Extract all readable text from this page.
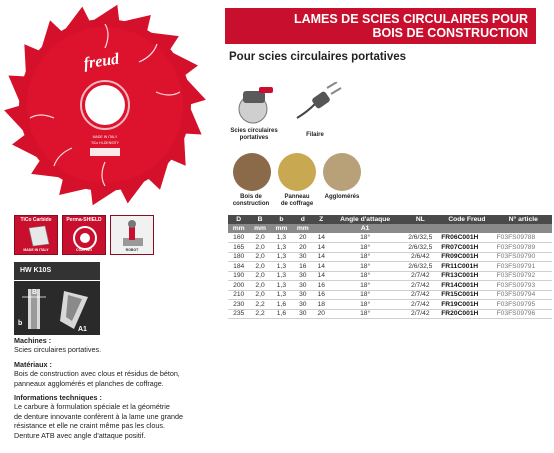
freud
MADE IN ITALY
TiCo HI-DENSITY
TiCo Carbide
MADE IN ITALY
Perma-SHIELD
COATING	ROBOT
HW K10S
B
b
A1
Machines :
Scies circulaires portatives.
Matériaux :
Bois de construction avec clous et résidus de béton,
panneaux agglomérés et planches de coffrage.
Informations techniques :
Le carbure à formulation spéciale et la géométrie
de denture innovante confèrent à la lame une grande
résistance et elle ne craint même pas les clous.
Denture ATB avec angle d'attaque positif.
LAMES DE SCIES CIRCULAIRES POUR
BOIS DE CONSTRUCTION
Pour scies circulaires portatives
Scies circulaires
portatives	Filaire
Bois de
construction
Panneau
de coffrage
Agglomérés
D	B	b	d	Z	Angle d'attaque	NL	Code Freud	N° article
mm	mm	mm	mm		A1			
160	2,0	1,3	20	14	18°	2/6/32,5	FR06C001H	F03FS09788
165	2,0	1,3	20	14	18°	2/6/32,5	FR07C001H	F03FS09789
180	2,0	1,3	30	14	18°	2/6/42	FR09C001H	F03FS09790
184	2,0	1,3	16	14	18°	2/6/32,5	FR11C001H	F03FS09791
190	2,0	1,3	30	14	18°	2/7/42	FR13C001H	F03FS09792
200	2,0	1,3	30	16	18°	2/7/42	FR14C001H	F03FS09793
210	2,0	1,3	30	16	18°	2/7/42	FR15C001H	F03FS09794
230	2,2	1,6	30	18	18°	2/7/42	FR19C001H	F03FS09795
235	2,2	1,6	30	20	18°	2/7/42	FR20C001H	F03FS09796
